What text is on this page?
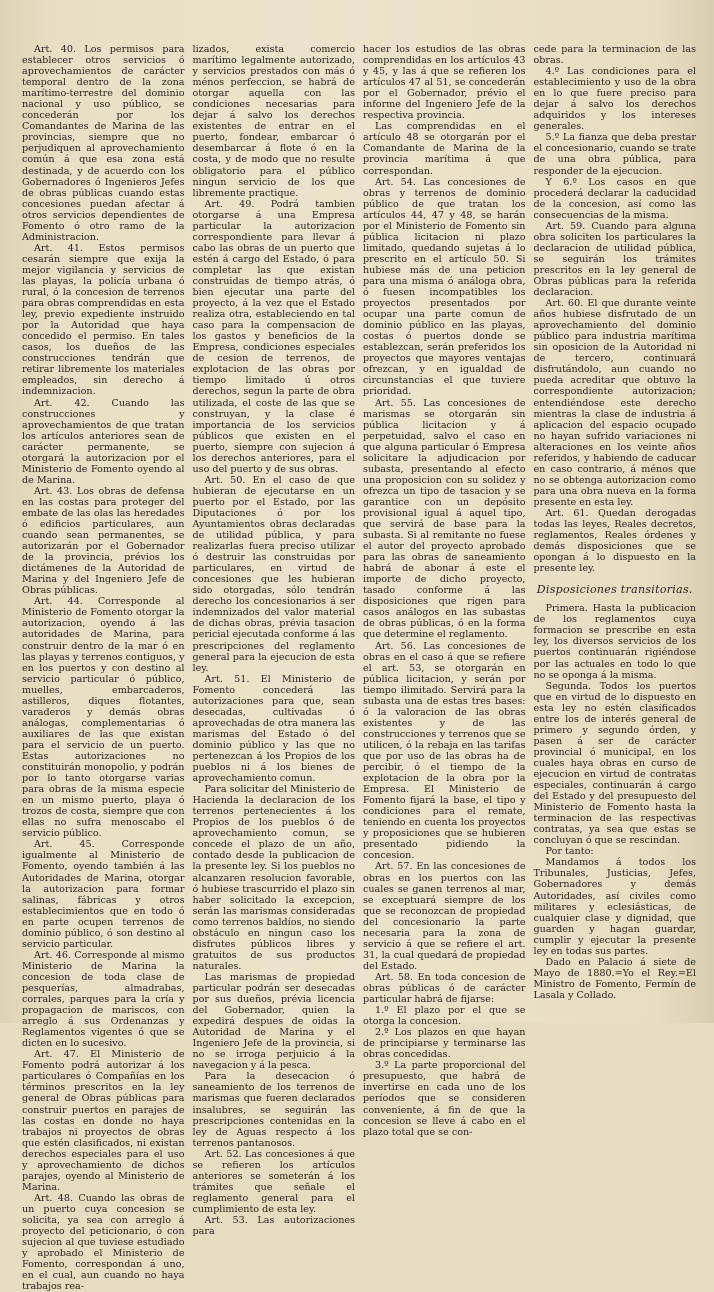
Art. 40. Los permisos para establecer otros servicios ó aprovechamientos de carácter temporal dentro de la zona marítimo-terrestre del dominio nacional y uso público, se concederán por los Comandantes de Marina de las provincias, siempre que no perjudiquen al aprovechamiento común á que esa zona está destinada, y de acuerdo con los Gobernadores ó Ingenieros Jefes de obras públicas cuando estas concesiones puedan afectar á otros servicios dependientes de Fomento ó otro ramo de la Administracion.

Art. 41. Estos permisos cesarán siempre que exija la mejor vigilancia y servicios de las playas, la policía urbana ó rural, ó la concesion de terrenos para obras comprendidas en esta ley, previo expediente instruido por la Autoridad que haya concedido el permiso. En tales casos, los dueños de las construcciones tendrán que retirar libremente los materiales empleados, sin derecho á indemnizacion.

Art. 42. Cuando las construcciones y aprovechamientos de que tratan los artículos anteriores sean de carácter permanente, se otorgará la autorizacion por el Ministerio de Fomento oyendo al de Marina.

Art. 43. Los obras de defensa en las costas para proteger del embate de las olas las heredades ó edificios particulares, aun cuando sean permanentes, se autorizarán por el Gobernador de la provincia, prévios los dictámenes de la Autoridad de Marina y del Ingeniero Jefe de Obras públicas.

Art. 44. Corresponde al Ministerio de Fomento otorgar la autorizacion, oyendo á las autoridades de Marina, para construir dentro de la mar ó en las playas y terrenos contiguos, y en los puertos y con destino al servicio particular ó público, muelles, embarcaderos, astilleros, diques flotantes, varaderos y demás obras análogas, complementarias ó auxiliares de las que existan para el servicio de un puerto. Estas autorizaciones no constituirán monopolio, y podrán por lo tanto otorgarse varias para obras de la misma especie en un mismo puerto, playa ó trozos de costa, siempre que con ellas no sufra menoscabo el servicio público.

Art. 45. Corresponde igualmente al Ministerio de Fomento, oyendo también á las Autoridades de Marina, otorgar la autorizacion para formar salinas, fábricas y otros establecimientos que en todo ó en parte ocupen terrenos de dominio público, ó son destino al servicio particular.

Art. 46. Corresponde al mismo Ministerio de Marina la concesion de toda clase de pesquerías, almadrabas, corrales, parques para la cría y propagacion de mariscos, con arreglo á sus Ordenanzas y Reglamentos vigentes ó que se dicten en lo sucesivo.

Art. 47. El Ministerio de Fomento podrá autorizar á los particulares ó Compañías en los términos prescritos en la ley general de Obras públicas para construir puertos en parajes de las costas en donde no haya trabajos ni proyectos de obras que estén clasificados, ni existan derechos especiales para el uso y aprovechamiento de dichos parajes, oyendo al Ministerio de Marina.

Art. 48. Cuando las obras de un puerto cuya concesion se solicita, ya sea con arreglo á proyecto del peticionario, ó con sujecion al que tuviese estudiado y aprobado el Ministerio de Fomento, correspondan á uno, en el cual, aun cuando no haya trabajos rea-

lizados, exista comercio marítimo legalmente autorizado, y servicios prestados con más ó ménos perfeccion, se habrá de otorgar aquella con las condiciones necesarias para dejar á salvo los derechos existentes de entrar en el puerto, fondear, embarcar ó desembarcar á flote ó en la costa, y de modo que no resulte obligatorio para el público ningun servicio de los que libremente practique.

Art. 49. Podrá tambien otorgarse á una Empresa particular la autorizacion correspondiente para llevar á cabo las obras de un puerto que estén á cargo del Estado, ó para completar las que existan construidas de tiempo atrás, ó bien ejecutar una parte del proyecto, á la vez que el Estado realiza otra, estableciendo en tal caso para la compensacion de los gastos y beneficios de la Empresa, condiciones especiales de cesion de terrenos, de explotacion de las obras por tiempo limitado ú otros derechos, segun la parte de obra utilizada, el coste de las que se construyan, y la clase é importancia de los servicios públicos que existen en el puerto, siempre con sujecion á los derechos anteriores, para el uso del puerto y de sus obras.

Art. 50. En el caso de que hubieran de ejecutarse en un puerto por el Estado, por las Diputaciones ó por los Ayuntamientos obras declaradas de utilidad pública, y para realizarlas fuera preciso utilizar ó destruir las construidas por particulares, en virtud de concesiones que les hubieran sido otorgadas, sólo tendrán derecho los concesionarios á ser indemnizados del valor material de dichas obras, prévia tasacion pericial ejecutada conforme á las prescripciones del reglamento general para la ejecucion de esta ley.

Art. 51. El Ministerio de Fomento concederá las autorizaciones para que, sean desecadas, cultivadas ó aprovechadas de otra manera las marismas del Estado ó del dominio público y las que no pertenezcan á los Propios de los pueblos ni á los bienes de aprovechamiento comun.

Para solicitar del Ministerio de Hacienda la declaracion de los terrenos pertenecientes á los Propios de los pueblos ó de aprovechamiento comun, se concede el plazo de un año, contado desde la publicacion de la presente ley. Si los pueblos no alcanzaren resolucion favorable, ó hubiese trascurrido el plazo sin haber solicitado la excepcion, serán las marismas consideradas como terrenos baldíos, no siendo obstáculo en ningun caso los disfrutes públicos libres y gratuitos de sus productos naturales.

Las marismas de propiedad particular podrán ser desecadas por sus dueños, prévia licencia del Gobernador, quien la expedirá despues de oidas la Autoridad de Marina y el Ingeniero Jefe de la provincia, si no se irroga perjuicio á la navegacion y á la pesca.

Para la desecacion ó saneamiento de los terrenos de marismas que fueren declarados insalubres, se seguirán las prescripciones contenidas en la ley de Aguas respecto á los terrenos pantanosos.

Art. 52. Las concesiones á que se refieren los artículos anteriores se someterán á los trámites que señale el reglamento general para el cumplimiento de esta ley.

Art. 53. Las autorizaciones para

hacer los estudios de las obras comprendidas en los artículos 43 y 45, y las á que se refieren los artículos 47 al 51, se concederán por el Gobernador, prévio el informe del Ingeniero Jefe de la respectiva provincia.

Las comprendidas en el artículo 48 se otorgarán por el Comandante de Marina de la provincia marítima á que correspondan.

Art. 54. Las concesiones de obras y terrenos de dominio público de que tratan los artículos 44, 47 y 48, se harán por el Ministerio de Fomento sin pública licitacion ni plazo limitado, quedando sujetas á lo prescrito en el artículo 50. Si hubiese más de una peticion para una misma ó análoga obra, ó fuesen incompatibles los proyectos presentados por ocupar una parte comun de dominio público en las playas, costas ó puertos donde se establezcan, serán preferidos los proyectos que mayores ventajas ofrezcan, y en igualdad de circunstancias el que tuviere prioridad.

Art. 55. Las concesiones de marismas se otorgarán sin pública licitacion y á perpetuidad, salvo el caso en que alguna particular ó Empresa solicitare la adjudicacion por subasta, presentando al efecto una proposicion con su solidez y ofrezca un tipo de tasacion y se garantice con un depósito provisional igual á aquel tipo, que servirá de base para la subasta. Si al remitante no fuese el autor del proyecto aprobado para las obras de saneamiento habrá de abonar á este el importe de dicho proyecto, tasado conforme á las disposiciones que rigen para casos análogos en las subastas de obras públicas, ó en la forma que determine el reglamento.

Art. 56. Las concesiones de obras en el caso á que se refiere el art. 53, se otorgarán en pública licitacion, y serán por tiempo ilimitado. Servirá para la subasta una de estas tres bases: ó la valoracion de las obras existentes y de las construcciones y terrenos que se utilicen, ó la rebaja en las tarifas que por uso de las obras ha de percibir, ó el tiempo de la explotacion de la obra por la Empresa. El Ministerio de Fomento fijará la base, el tipo y condiciones para el remate, teniendo en cuenta los proyectos y proposiciones que se hubieren presentado pidiendo la concesion.

Art. 57. En las concesiones de obras en los puertos con las cuales se ganen terrenos al mar, se exceptuará siempre de los que se reconozcan de propiedad del concesionario la parte necesaria para la zona de servicio á que se refiere el art. 31, la cual quedará de propiedad del Estado.

Art. 58. En toda concesion de obras públicas ó de carácter particular habrá de fijarse:

1.º El plazo por el que se otorga la concesion.

2.º Los plazos en que hayan de principiarse y terminarse las obras concedidas.

3.º La parte proporcional del presupuesto, que habrá de invertirse en cada uno de los períodos que se consideren conveniente, á fin de que la concesion se lleve á cabo en el plazo total que se con-

cede para la terminacion de las obras.

4.º Las condiciones para el establecimiento y uso de la obra en lo que fuere preciso para dejar á salvo los derechos adquiridos y los intereses generales.

5.º La fianza que deba prestar el concesionario, cuando se trate de una obra pública, para responder de la ejecucion.

Y 6.º Los casos en que procederá declarar la caducidad de la concesion, así como las consecuencias de la misma.

Art. 59. Cuando para alguna obra soliciten los particulares la declaracion de utilidad pública, se seguirán los trámites prescritos en la ley general de Obras públicas para la referida declaracion.

Art. 60. El que durante veinte años hubiese disfrutado de un aprovechamiento del dominio público para industria marítima sin oposicion de la Autoridad ni de tercero, continuará disfrutándolo, aun cuando no pueda acreditar que obtuvo la correspondiente autorizacion; entendiéndose este derecho mientras la clase de industria á aplicacion del espacio ocupado no hayan sufrido variaciones ni alteraciones en los veinte años referidos, y habiendo de caducar en caso contrario, á ménos que no se obtenga autorizacion como para una obra nueva en la forma presente en esta ley.

Art. 61. Quedan derogadas todas las leyes, Reales decretos, reglamentos, Reales órdenes y demás disposiciones que se opongan á lo dispuesto en la presente ley.

Disposiciones transitorias.

Primera. Hasta la publicacion de los reglamentos cuya formacion se prescribe en esta ley, los diversos servicios de los puertos continuarán rigiéndose por las actuales en todo lo que no se oponga á la misma.

Segunda. Todos los puertos que en virtud de lo dispuesto en esta ley no estén clasificados entre los de interés general de primero y segundo órden, y pasen á ser de carácter provincial ó municipal, en los cuales haya obras en curso de ejecucion en virtud de contratas especiales, continuarán á cargo del Estado y del presupuesto del Ministerio de Fomento hasta la terminacion de las respectivas contratas, ya sea que estas se concluyan ó que se rescindan.

Por tanto:

Mandamos á todos los Tribunales, Justicias, Jefes, Gobernadores y demás Autoridades, así civiles como militares y eclesiásticas, de cualquier clase y dignidad, que guarden y hagan guardar, cumplir y ejecutar la presente ley en todas sus partes.

Dado en Palacio á siete de Mayo de 1880.=Yo el Rey.=El Ministro de Fomento, Fermín de Lasala y Collado.
